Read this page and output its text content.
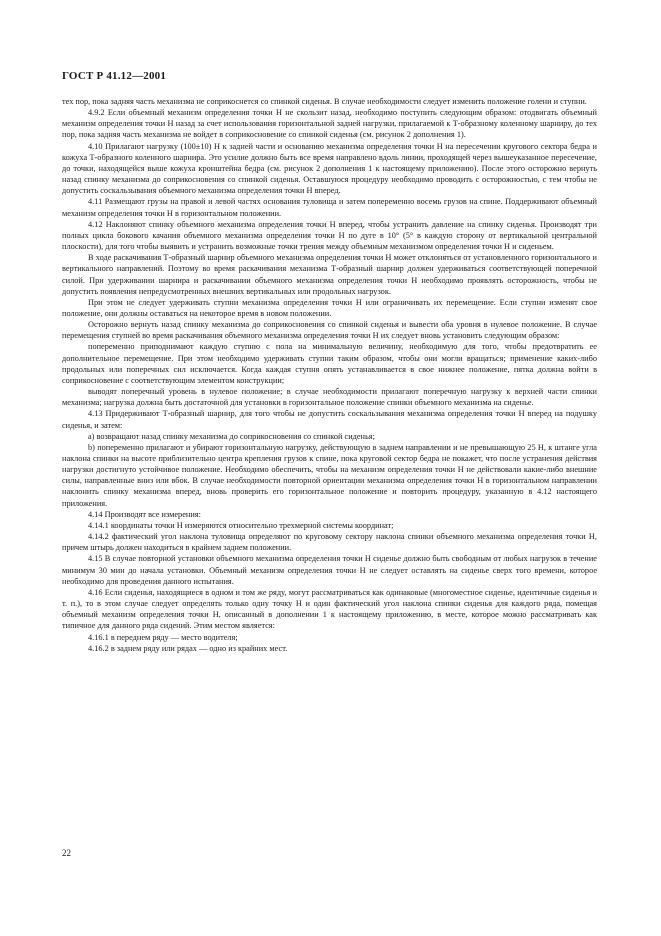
ГОСТ Р 41.12—2001

тех пор, пока задняя часть механизма не соприкоснется со спинкой сиденья. В случае необходимости следует изменить положение голени и ступни.

4.9.2 Если объемный механизм определения точки H не скользит назад, необходимо поступить следующим образом: отодвигать объемный механизм определения точки H назад за счет использования горизонтальной задней нагрузки, прилагаемой к Т-образному коленному шарниру, до тех пор, пока задняя часть механизма не войдет в соприкосновение со спинкой сиденья (см. рисунок 2 дополнения 1).

4.10 Прилагают нагрузку (100±10) Н к задней части и основанию механизма определения точки H на пересечении кругового сектора бедра и кожуха Т-образного коленного шарнира. Это усилие должно быть все время направлено вдоль линии, проходящей через вышеуказанное пересечение, до точки, находящейся выше кожуха кронштейна бедра (см. рисунок 2 дополнения 1 к настоящему приложению). После этого осторожно вернуть назад спинку механизма до соприкосновения со спинкой сиденья. Оставшуюся процедуру необходимо проводить с осторожностью, с тем чтобы не допустить соскальзывания объемного механизма определения точки H вперед.

4.11 Размещают грузы на правой и левой частях основания туловища и затем попеременно восемь грузов на спине. Поддерживают объемный механизм определения точки H в горизонтальном положении.

4.12 Наклоняют спинку объемного механизма определения точки H вперед, чтобы устранить давление на спинку сиденья. Производят три полных цикла бокового качания объемного механизма определения точки H по дуге в 10° (5° в каждую сторону от вертикальной центральной плоскости), для того чтобы выявить и устранить возможные точки трения между объемным механизмом определения точки H и сиденьем.

В ходе раскачивания Т-образный шарнир объемного механизма определения точки H может отклоняться от установленного горизонтального и вертикального направлений. Поэтому во время раскачивания механизма Т-образный шарнир должен удерживаться соответствующей поперечной силой. При удерживании шарнира и раскачивании объемного механизма определения точки H необходимо проявлять осторожность, чтобы не допустить появления непредусмотренных внешних вертикальных или продольных нагрузок.

При этом не следует удерживать ступни механизма определения точки H или ограничивать их перемещение. Если ступни изменят свое положение, они должны оставаться на некоторое время в новом положении.

Осторожно вернуть назад спинку механизма до соприкосновения со спинкой сиденья и вывести оба уровня в нулевое положение. В случае перемещения ступней во время раскачивания объемного механизма определения точки H их следует вновь установить следующим образом:

попеременно приподнимают каждую ступню с пола на минимальную величину, необходимую для того, чтобы предотвратить ее дополнительное перемещение. При этом необходимо удерживать ступни таким образом, чтобы они могли вращаться; применение каких-либо продольных или поперечных сил исключается. Когда каждая ступня опять устанавливается в свое нижнее положение, пятка должна войти в соприкосновение с соответствующим элементом конструкции;

выводят поперечный уровень в нулевое положение; в случае необходимости прилагают поперечную нагрузку к верхней части спинки механизма; нагрузка должна быть достаточной для установки в горизонтальное положение спинки объемного механизма на сиденье.

4.13 Придерживают Т-образный шарнир, для того чтобы не допустить соскальзывания механизма определения точки H вперед на подушку сиденья, и затем:

а) возвращают назад спинку механизма до соприкосновения со спинкой сиденья;

b) попеременно прилагают и убирают горизонтальную нагрузку, действующую в заднем направлении и не превышающую 25 Н, к штанге угла наклона спинки на высоте приблизительно центра крепления грузов к спине, пока круговой сектор бедра не покажет, что после устранения действия нагрузки достигнуто устойчивое положение. Необходимо обеспечить, чтобы на механизм определения точки H не действовали какие-либо внешние силы, направленные вниз или вбок. В случае необходимости повторной ориентации механизма определения точки H в горизонтальном направлении наклонить спинку механизма вперед, вновь проверить его горизонтальное положение и повторить процедуру, указанную в 4.12 настоящего приложения.

4.14 Производят все измерения:

4.14.1 координаты точки H измеряются относительно трехмерной системы координат;

4.14.2 фактический угол наклона туловища определяют по круговому сектору наклона спинки объемного механизма определения точки H, причем штырь должен находиться в крайнем заднем положении.

4.15 В случае повторной установки объемного механизма определения точки H сиденье должно быть свободным от любых нагрузок в течение минимум 30 мин до начала установки. Объемный механизм определения точки H не следует оставлять на сиденье сверх того времени, которое необходимо для проведения данного испытания.

4.16 Если сиденья, находящиеся в одном и том же ряду, могут рассматриваться как одинаковые (многоместное сиденье, идентичные сиденья и т. п.), то в этом случае следует определять только одну точку H и один фактический угол наклона спинки сиденья для каждого ряда, помещая объемный механизм определения точки H, описанный в дополнении 1 к настоящему приложению, в месте, которое можно рассматривать как типичное для данного ряда сидений. Этим местом является:

4.16.1 в переднем ряду — место водителя;

4.16.2 в заднем ряду или рядах — одно из крайних мест.

22
